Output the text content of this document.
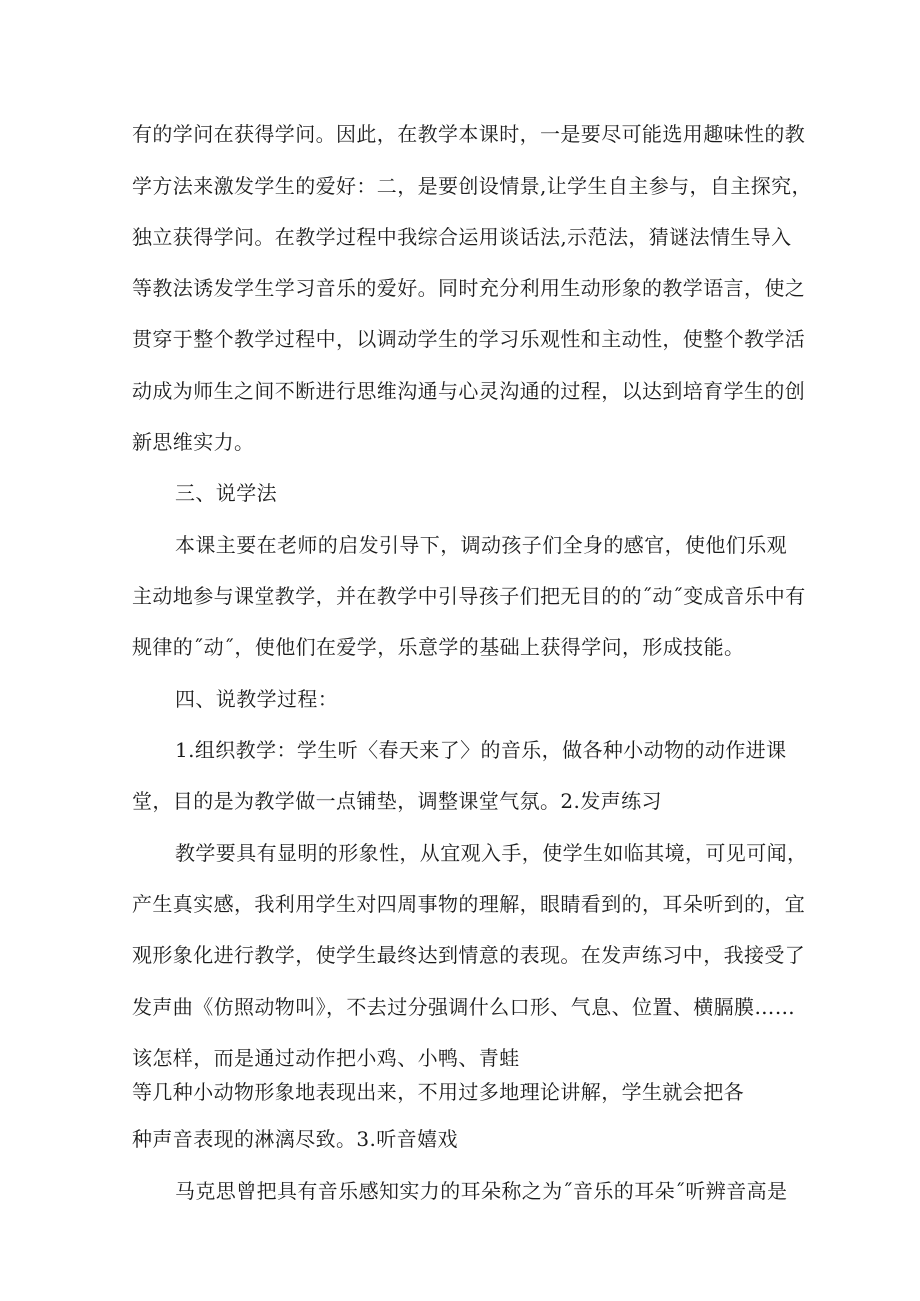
有的学问在获得学问。因此，在教学本课时，一是要尽可能选用趣味性的教
学方法来激发学生的爱好：二，是要创设情景,让学生自主参与，自主探究，
独立获得学问。在教学过程中我综合运用谈话法,示范法，猜谜法情生导入
等教法诱发学生学习音乐的爱好。同时充分利用生动形象的教学语言，使之
贯穿于整个教学过程中，以调动学生的学习乐观性和主动性，使整个教学活
动成为师生之间不断进行思维沟通与心灵沟通的过程，以达到培育学生的创
新思维实力。
三、说学法
本课主要在老师的启发引导下，调动孩子们全身的感官，使他们乐观
主动地参与课堂教学，并在教学中引导孩子们把无目的的˝动˝变成音乐中有
规律的˝动˝，使他们在爱学，乐意学的基础上获得学问，形成技能。
四、说教学过程：
1.组织教学：学生听〈春天来了〉的音乐，做各种小动物的动作进课
堂，目的是为教学做一点铺垫，调整课堂气氛。2.发声练习
教学要具有显明的形象性，从宜观入手，使学生如临其境，可见可闻，
产生真实感，我利用学生对四周事物的理解，眼睛看到的，耳朵听到的，宜
观形象化进行教学，使学生最终达到情意的表现。在发声练习中，我接受了
发声曲《仿照动物叫》，不去过分强调什么口形、气息、位置、横膈膜……
该怎样，而是通过动作把小鸡、小鸭、青蛙
等几种小动物形象地表现出来，不用过多地理论讲解，学生就会把各
种声音表现的淋漓尽致。3.听音嬉戏
马克思曾把具有音乐感知实力的耳朵称之为˝音乐的耳朵˝听辨音高是
